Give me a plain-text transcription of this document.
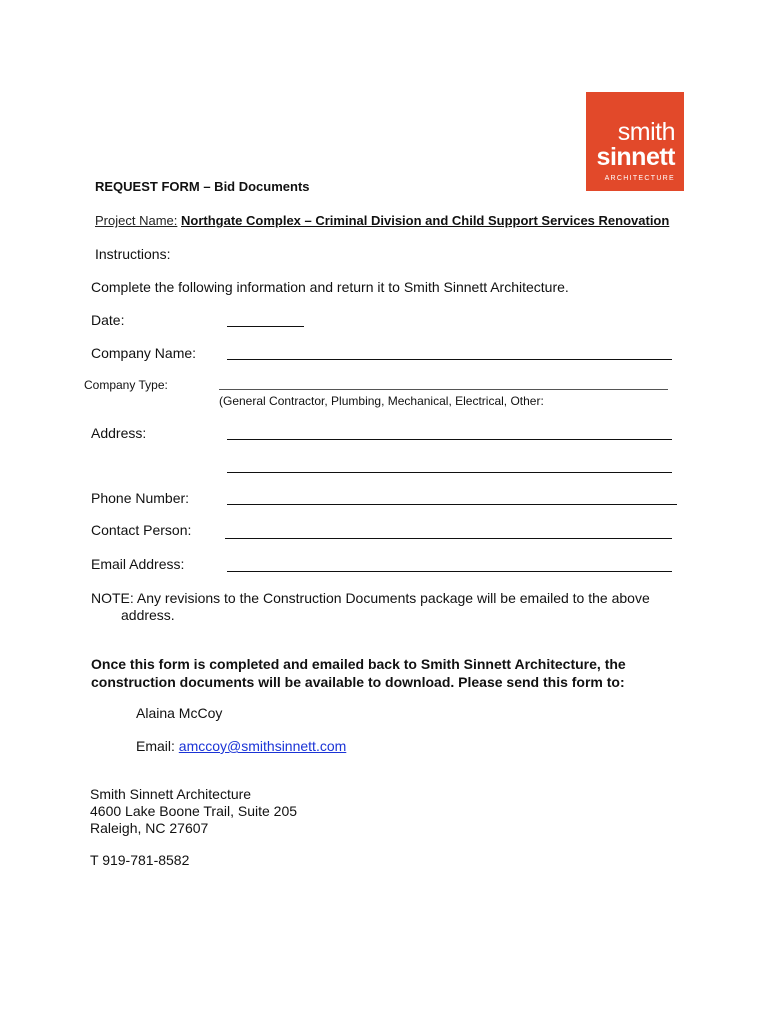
smith
sinnett
ARCHITECTURE
REQUEST FORM – Bid Documents
Project Name: Northgate Complex – Criminal Division and Child Support Services Renovation
Instructions:
Complete the following information and return it to Smith Sinnett Architecture.
Date:
Company Name:
Company Type:
(General Contractor, Plumbing, Mechanical, Electrical, Other:
Address:
Phone Number:
Contact Person:
Email Address:
NOTE: Any revisions to the Construction Documents package will be emailed to the above
address.
Once this form is completed and emailed back to Smith Sinnett Architecture, the construction documents will be available to download. Please send this form to:
Alaina McCoy
Email: amccoy@smithsinnett.com
Smith Sinnett Architecture
4600 Lake Boone Trail, Suite 205
Raleigh, NC 27607
T 919-781-8582
